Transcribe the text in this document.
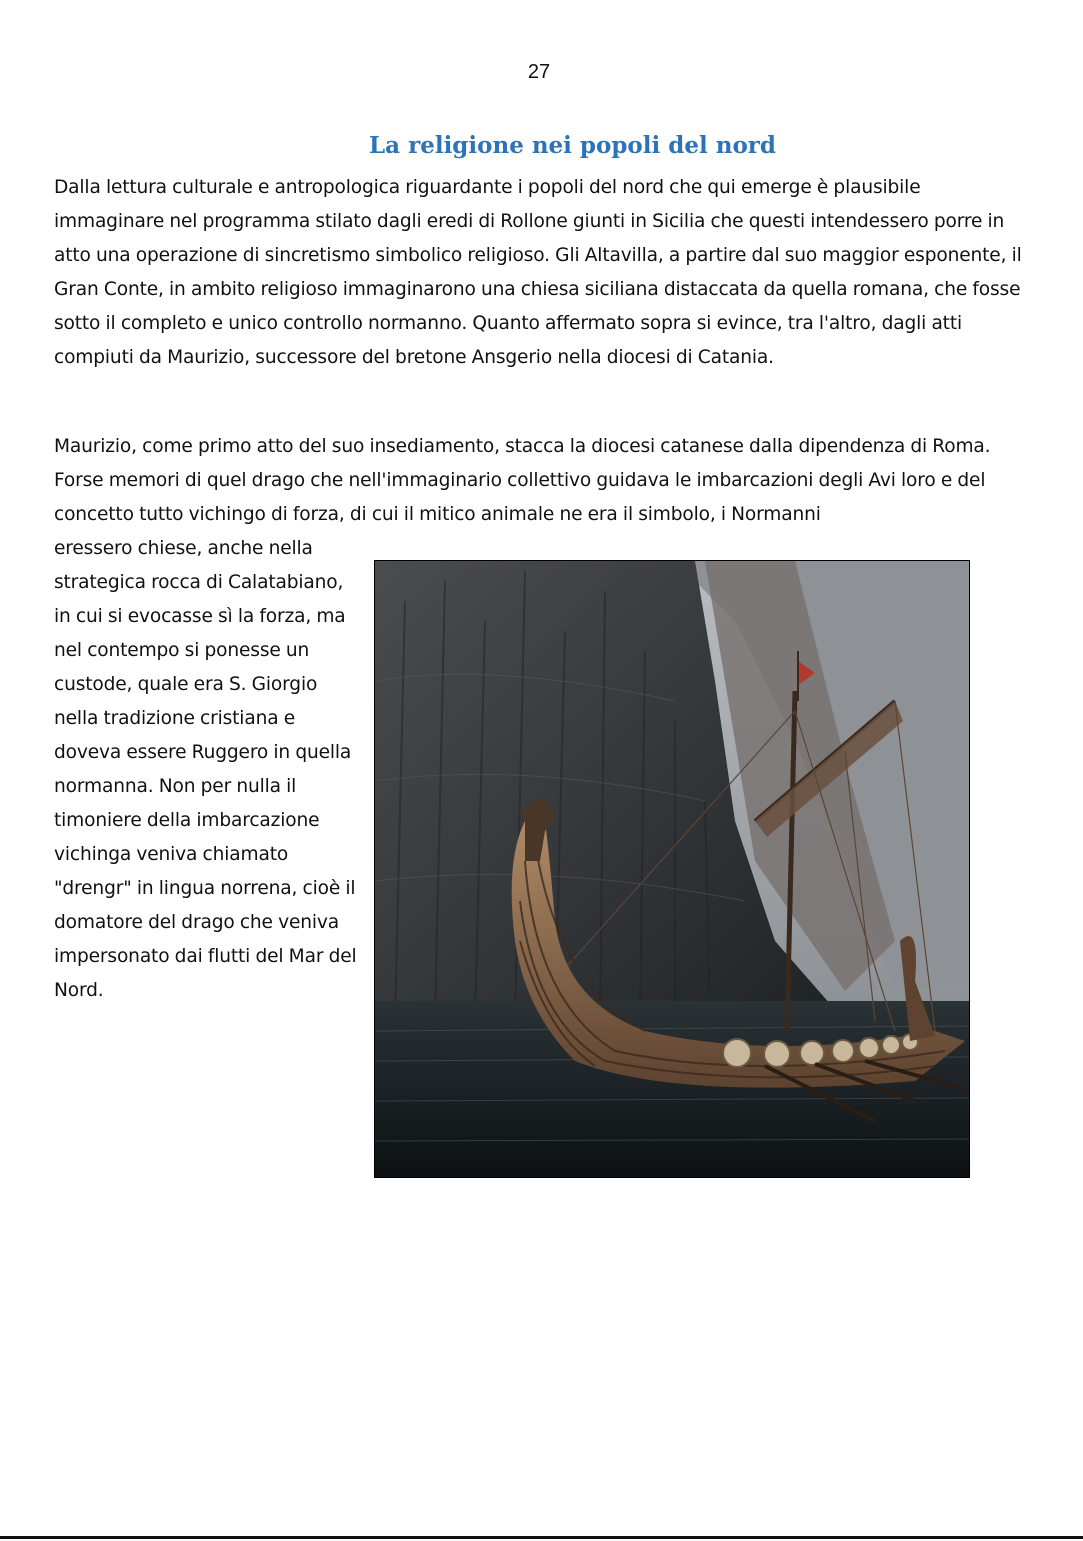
27
La religione nei popoli del nord

Dalla lettura culturale e antropologica riguardante i popoli del nord che qui emerge è plausibile immaginare nel programma stilato dagli eredi di Rollone giunti in Sicilia che questi intendessero porre in atto una operazione di sincretismo simbolico religioso. Gli Altavilla, a partire dal suo maggior esponente, il Gran Conte, in ambito religioso immaginarono una chiesa siciliana distaccata da quella romana, che fosse sotto il completo e unico controllo normanno. Quanto affermato sopra si evince, tra l'altro, dagli atti compiuti da Maurizio, successore del bretone Ansgerio nella diocesi di Catania.

Maurizio, come primo atto del suo insediamento, stacca la diocesi catanese dalla dipendenza di Roma. Forse memori di quel drago che nell'immaginario collettivo guidava le imbarcazioni degli Avi loro e del concetto tutto vichingo di forza, di cui il mitico animale ne era il simbolo, i Normanni

eressero chiese, anche nella strategica rocca di Calatabiano, in cui si evocasse sì la forza, ma nel contempo si ponesse un custode, quale era S. Giorgio nella tradizione cristiana e doveva essere Ruggero in quella normanna. Non per nulla il timoniere della imbarcazione vichinga veniva chiamato "drengr" in lingua norrena, cioè il domatore del drago che veniva impersonato dai flutti del Mar del Nord.
